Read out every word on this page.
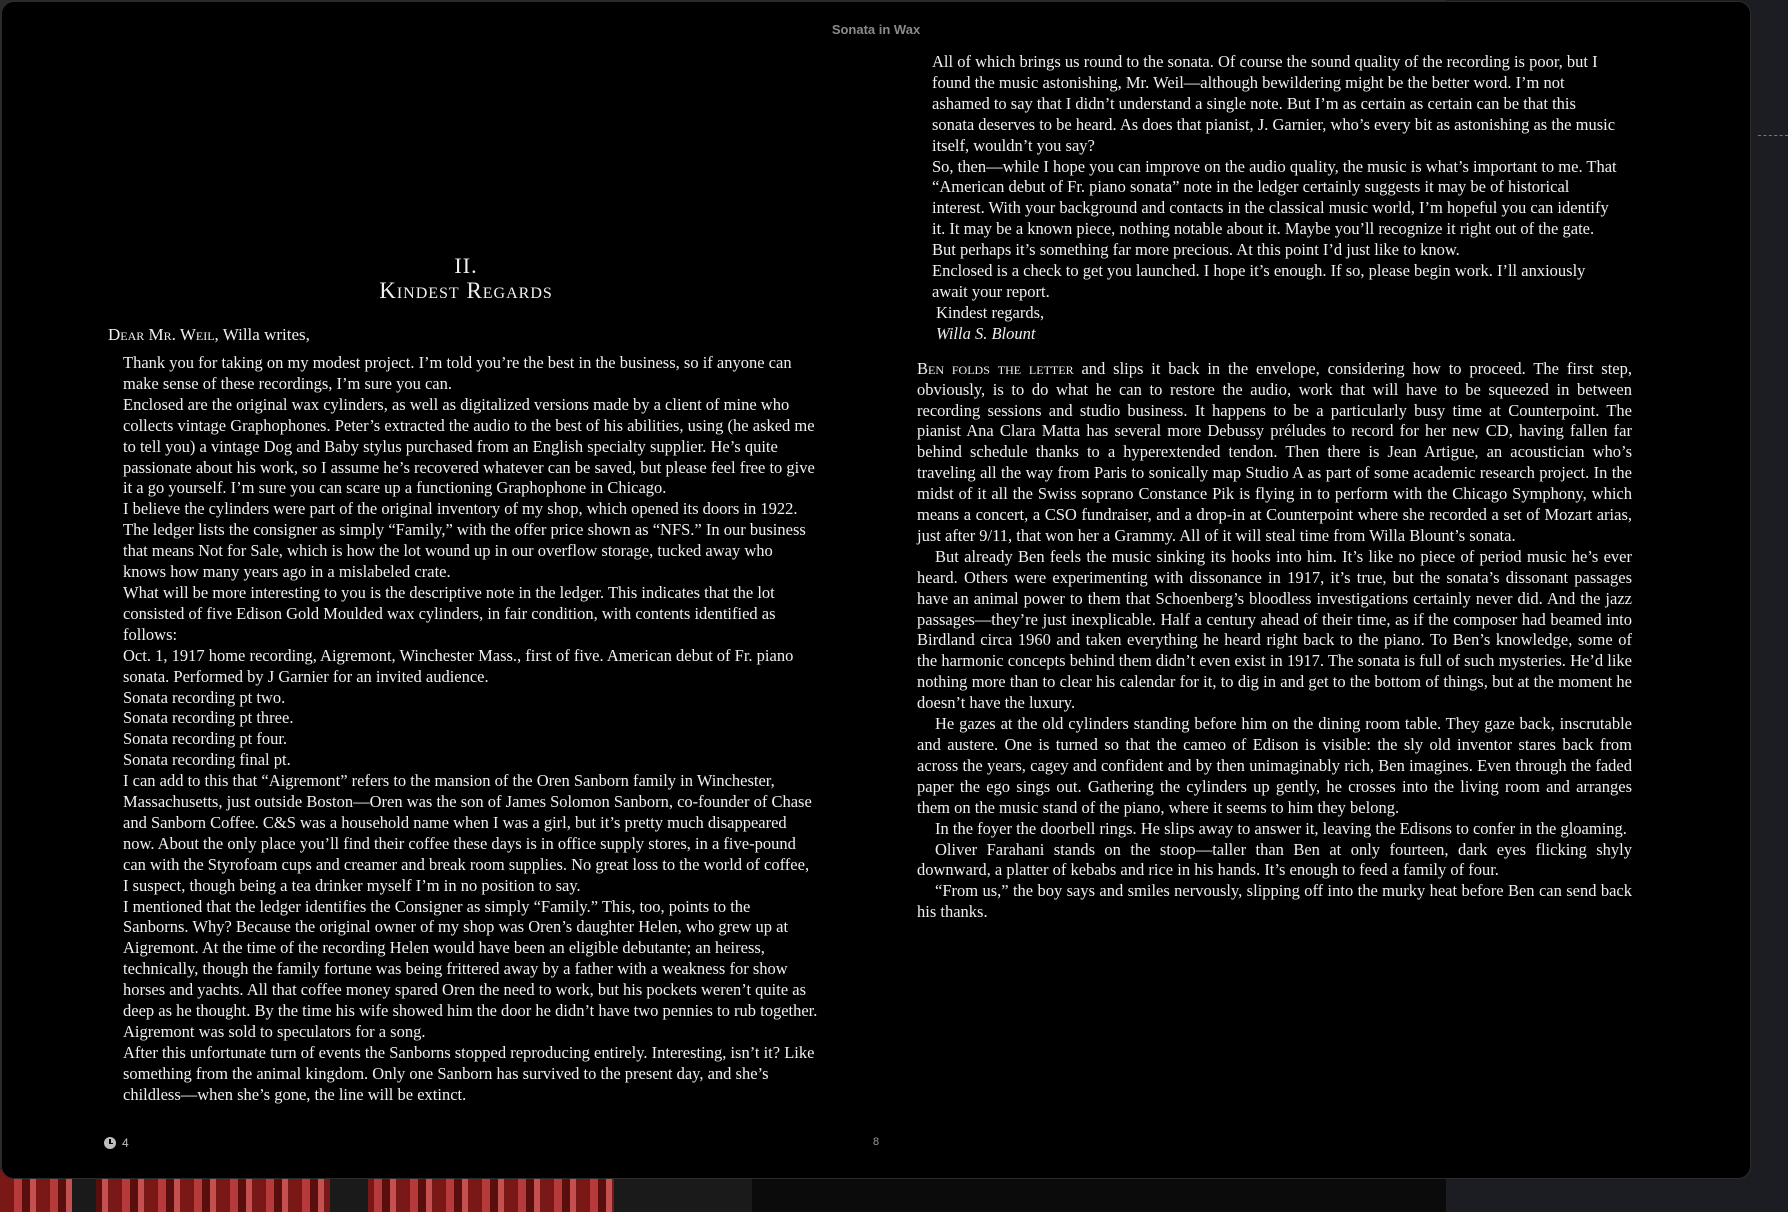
Sonata in Wax
II.
Kindest Regards
Dear Mr. Weil, Willa writes,

Thank you for taking on my modest project. I’m told you’re the best in the business, so if anyone can make sense of these recordings, I’m sure you can.

Enclosed are the original wax cylinders, as well as digitalized versions made by a client of mine who collects vintage Graphophones. Peter’s extracted the audio to the best of his abilities, using (he asked me to tell you) a vintage Dog and Baby stylus purchased from an English specialty supplier. He’s quite passionate about his work, so I assume he’s recovered whatever can be saved, but please feel free to give it a go yourself. I’m sure you can scare up a functioning Graphophone in Chicago.

I believe the cylinders were part of the original inventory of my shop, which opened its doors in 1922. The ledger lists the consigner as simply “Family,” with the offer price shown as “NFS.” In our business that means Not for Sale, which is how the lot wound up in our overflow storage, tucked away who knows how many years ago in a mislabeled crate.

What will be more interesting to you is the descriptive note in the ledger. This indicates that the lot consisted of five Edison Gold Moulded wax cylinders, in fair condition, with contents identified as follows:

Oct. 1, 1917 home recording, Aigremont, Winchester Mass., first of five. American debut of Fr. piano sonata. Performed by J Garnier for an invited audience.

Sonata recording pt two.

Sonata recording pt three.

Sonata recording pt four.

Sonata recording final pt.

I can add to this that “Aigremont” refers to the mansion of the Oren Sanborn family in Winchester, Massachusetts, just outside Boston—Oren was the son of James Solomon Sanborn, co-founder of Chase and Sanborn Coffee. C&S was a household name when I was a girl, but it’s pretty much disappeared now. About the only place you’ll find their coffee these days is in office supply stores, in a five-pound can with the Styrofoam cups and creamer and break room supplies. No great loss to the world of coffee, I suspect, though being a tea drinker myself I’m in no position to say.

I mentioned that the ledger identifies the Consigner as simply “Family.” This, too, points to the Sanborns. Why? Because the original owner of my shop was Oren’s daughter Helen, who grew up at Aigremont. At the time of the recording Helen would have been an eligible debutante; an heiress, technically, though the family fortune was being frittered away by a father with a weakness for show horses and yachts. All that coffee money spared Oren the need to work, but his pockets weren’t quite as deep as he thought. By the time his wife showed him the door he didn’t have two pennies to rub together. Aigremont was sold to speculators for a song.

After this unfortunate turn of events the Sanborns stopped reproducing entirely. Interesting, isn’t it? Like something from the animal kingdom. Only one Sanborn has survived to the present day, and she’s childless—when she’s gone, the line will be extinct.

All of which brings us round to the sonata. Of course the sound quality of the recording is poor, but I found the music astonishing, Mr. Weil—although bewildering might be the better word. I’m not ashamed to say that I didn’t understand a single note. But I’m as certain as certain can be that this sonata deserves to be heard. As does that pianist, J. Garnier, who’s every bit as astonishing as the music itself, wouldn’t you say?

So, then—while I hope you can improve on the audio quality, the music is what’s important to me. That “American debut of Fr. piano sonata” note in the ledger certainly suggests it may be of historical interest. With your background and contacts in the classical music world, I’m hopeful you can identify it. It may be a known piece, nothing notable about it. Maybe you’ll recognize it right out of the gate. But perhaps it’s something far more precious. At this point I’d just like to know.

Enclosed is a check to get you launched. I hope it’s enough. If so, please begin work. I’ll anxiously await your report.

Kindest regards,

Willa S. Blount

Ben folds the letter and slips it back in the envelope, considering how to proceed. The first step, obviously, is to do what he can to restore the audio, work that will have to be squeezed in between recording sessions and studio business. It happens to be a particularly busy time at Counterpoint. The pianist Ana Clara Matta has several more Debussy préludes to record for her new CD, having fallen far behind schedule thanks to a hyperextended tendon. Then there is Jean Artigue, an acoustician who’s traveling all the way from Paris to sonically map Studio A as part of some academic research project. In the midst of it all the Swiss soprano Constance Pik is flying in to perform with the Chicago Symphony, which means a concert, a CSO fundraiser, and a drop-in at Counterpoint where she recorded a set of Mozart arias, just after 9/11, that won her a Grammy. All of it will steal time from Willa Blount’s sonata.

But already Ben feels the music sinking its hooks into him. It’s like no piece of period music he’s ever heard. Others were experimenting with dissonance in 1917, it’s true, but the sonata’s dissonant passages have an animal power to them that Schoenberg’s bloodless investigations certainly never did. And the jazz passages—they’re just inexplicable. Half a century ahead of their time, as if the composer had beamed into Birdland circa 1960 and taken everything he heard right back to the piano. To Ben’s knowledge, some of the harmonic concepts behind them didn’t even exist in 1917. The sonata is full of such mysteries. He’d like nothing more than to clear his calendar for it, to dig in and get to the bottom of things, but at the moment he doesn’t have the luxury.

He gazes at the old cylinders standing before him on the dining room table. They gaze back, inscrutable and austere. One is turned so that the cameo of Edison is visible: the sly old inventor stares back from across the years, cagey and confident and by then unimaginably rich, Ben imagines. Even through the faded paper the ego sings out. Gathering the cylinders up gently, he crosses into the living room and arranges them on the music stand of the piano, where it seems to him they belong.

In the foyer the doorbell rings. He slips away to answer it, leaving the Edisons to confer in the gloaming.

Oliver Farahani stands on the stoop—taller than Ben at only fourteen, dark eyes flicking shyly downward, a platter of kebabs and rice in his hands. It’s enough to feed a family of four.

“From us,” the boy says and smiles nervously, slipping off into the murky heat before Ben can send back his thanks.

4	8
